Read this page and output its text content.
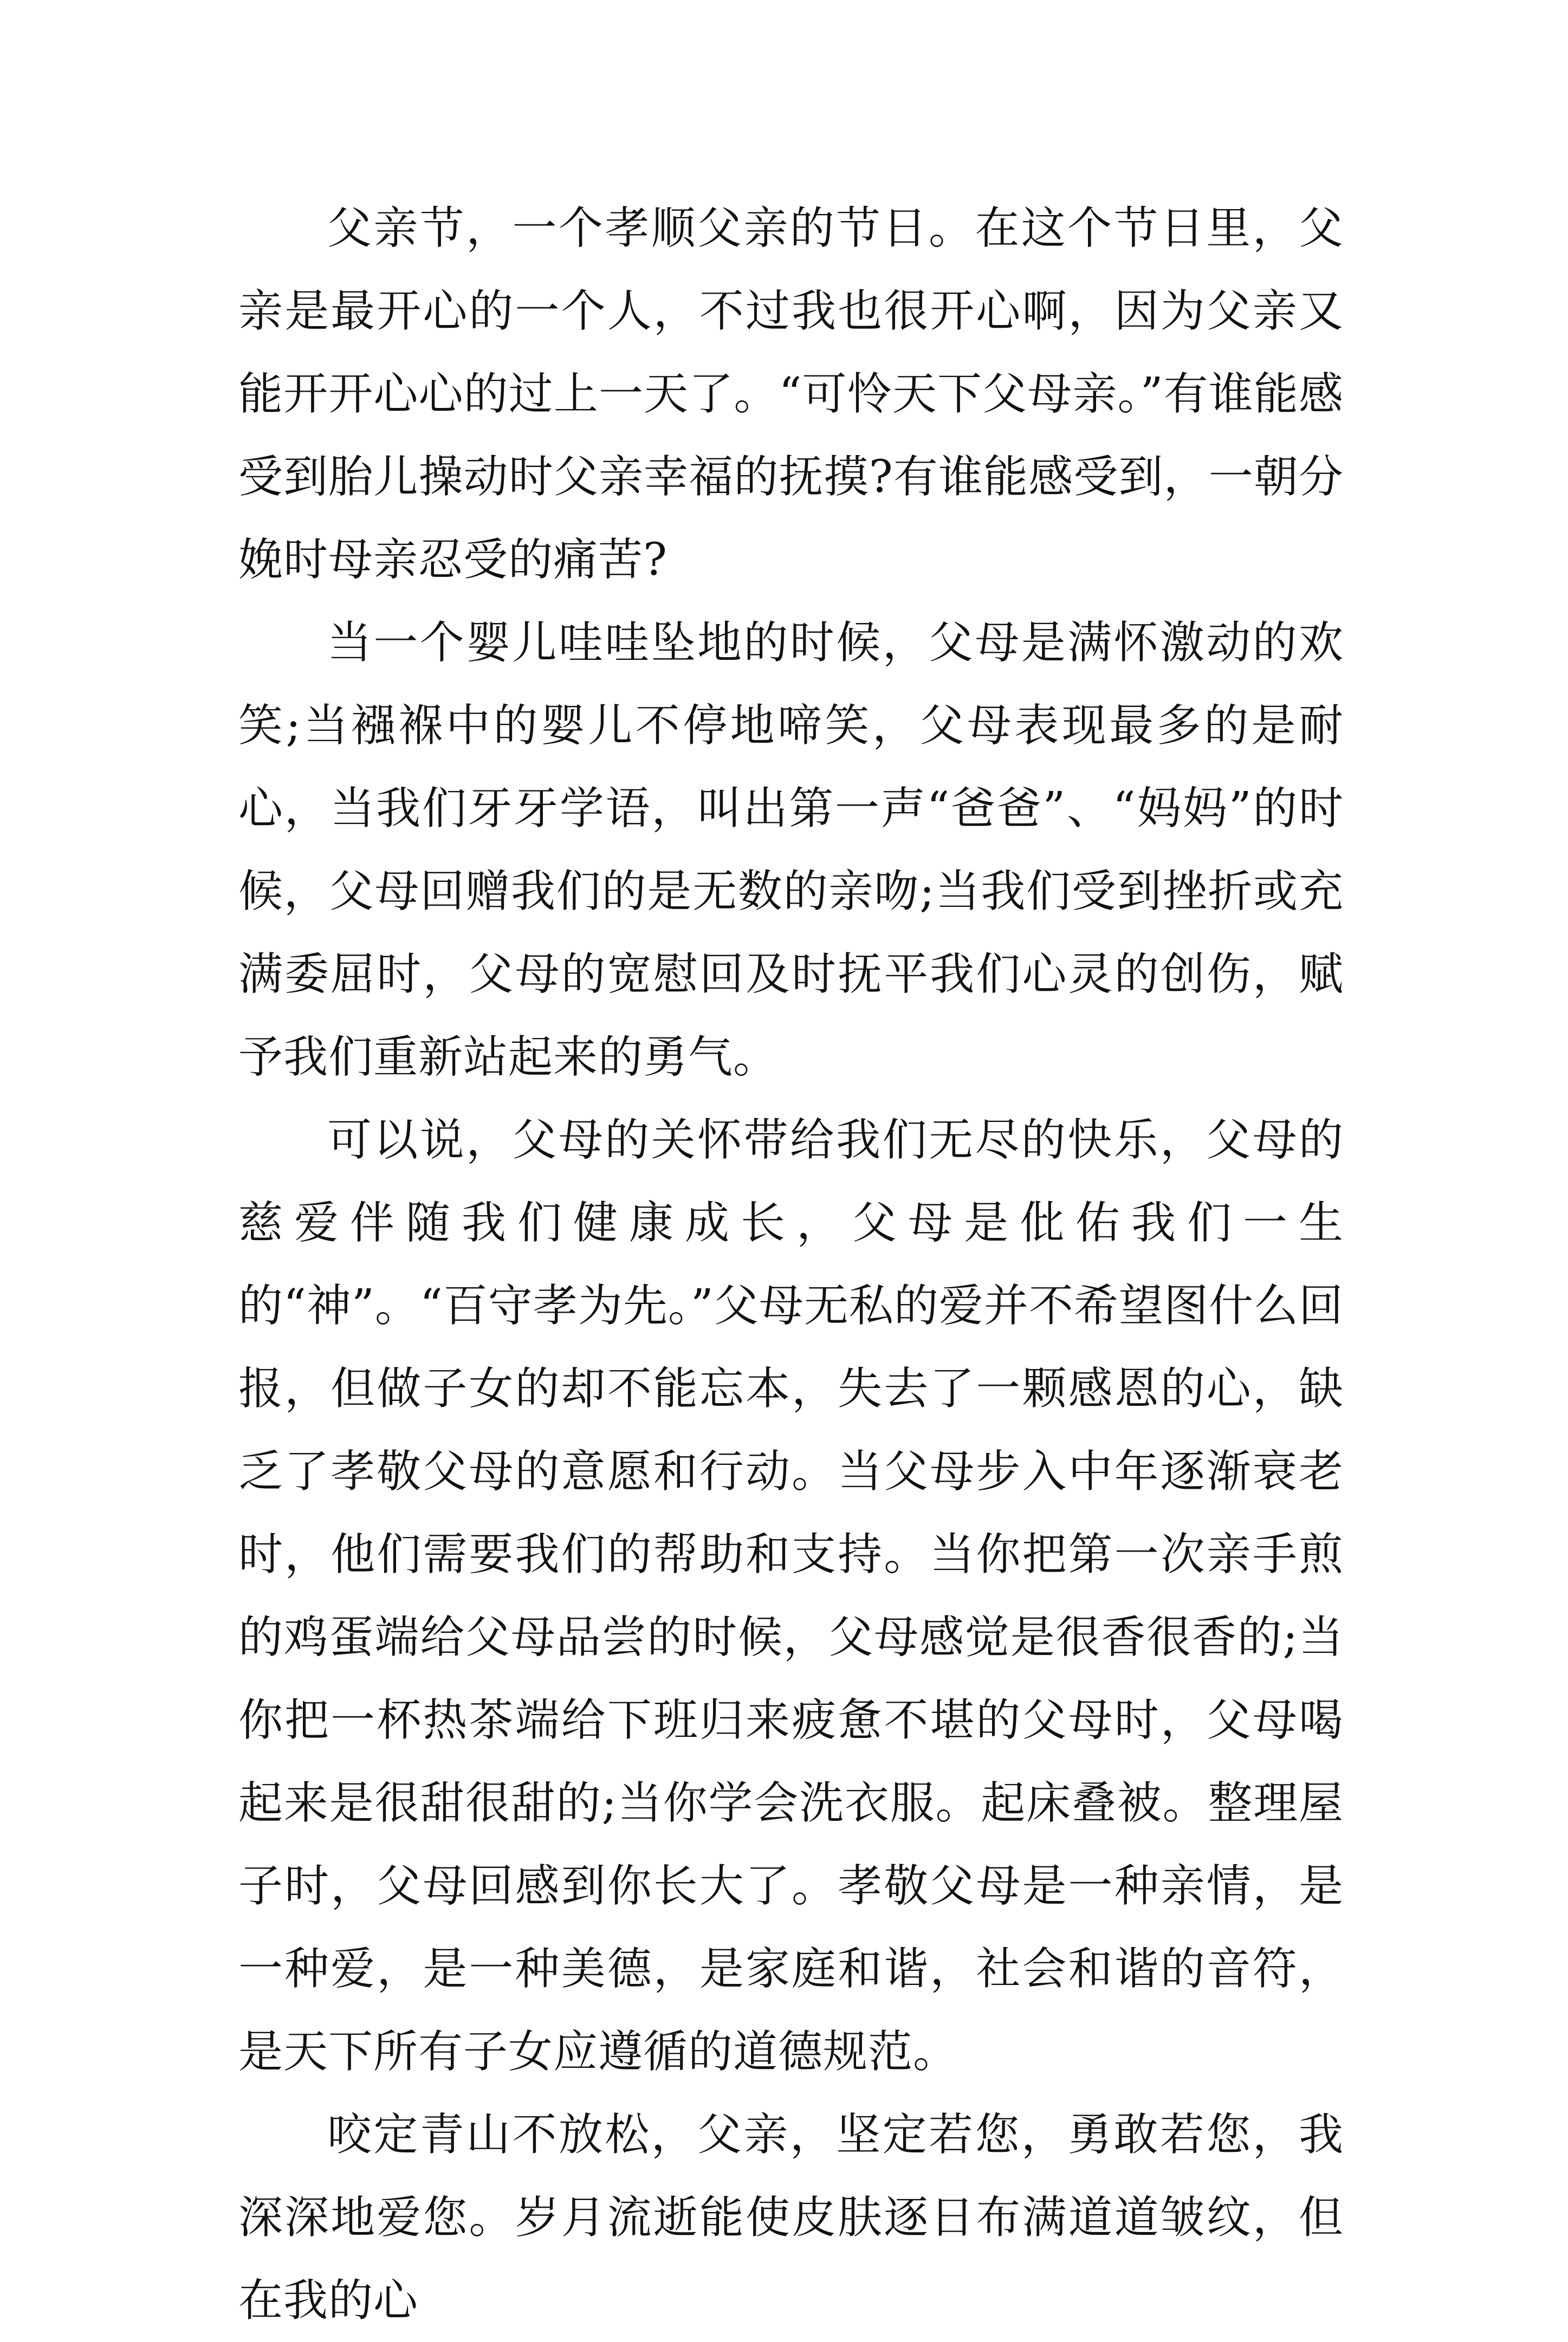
父亲节，一个孝顺父亲的节日。在这个节日里，父亲是最开心的一个人，不过我也很开心啊，因为父亲又能开开心心的过上一天了。“可怜天下父母亲。”有谁能感受到胎儿操动时父亲幸福的抚摸?有谁能感受到，一朝分娩时母亲忍受的痛苦?

当一个婴儿哇哇坠地的时候，父母是满怀激动的欢笑;当襁褓中的婴儿不停地啼笑，父母表现最多的是耐心，当我们牙牙学语，叫出第一声“爸爸”、“妈妈”的时候，父母回赠我们的是无数的亲吻;当我们受到挫折或充满委屈时，父母的宽慰回及时抚平我们心灵的创伤，赋予我们重新站起来的勇气。

可以说，父母的关怀带给我们无尽的快乐，父母的慈爱伴随我们健康成长，父母是仳佑我们一生的“神”。“百守孝为先。”父母无私的爱并不希望图什么回报，但做子女的却不能忘本，失去了一颗感恩的心，缺乏了孝敬父母的意愿和行动。当父母步入中年逐渐衰老时，他们需要我们的帮助和支持。当你把第一次亲手煎的鸡蛋端给父母品尝的时候，父母感觉是很香很香的;当你把一杯热茶端给下班归来疲惫不堪的父母时，父母喝起来是很甜很甜的;当你学会洗衣服。起床叠被。整理屋子时，父母回感到你长大了。孝敬父母是一种亲情，是一种爱，是一种美德，是家庭和谐，社会和谐的音符，是天下所有子女应遵循的道德规范。

咬定青山不放松，父亲，坚定若您，勇敢若您，我深深地爱您。岁月流逝能使皮肤逐日布满道道皱纹，但在我的心
